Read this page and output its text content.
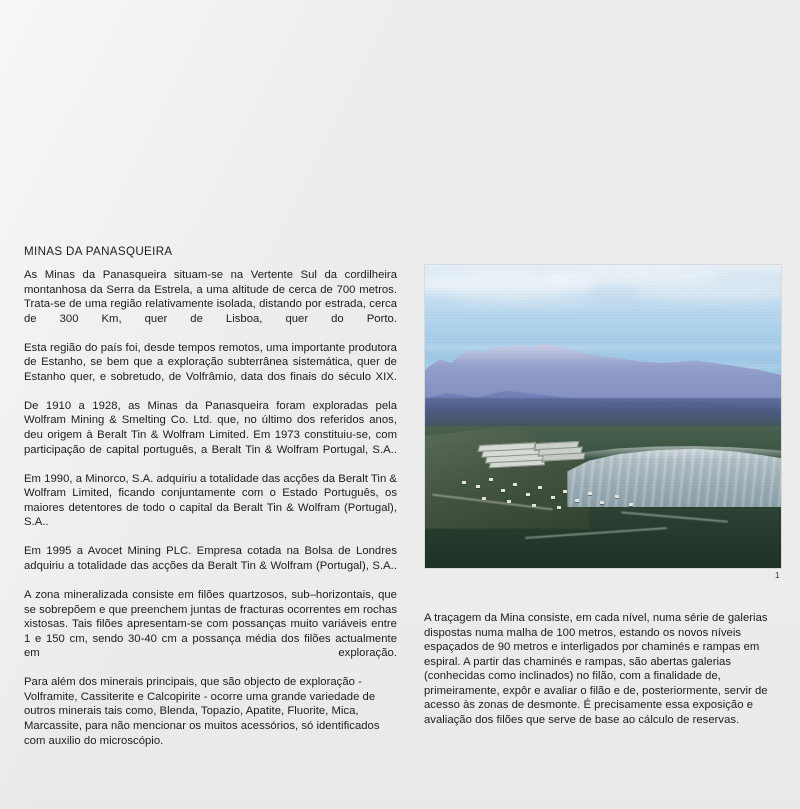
MINAS DA PANASQUEIRA

As Minas da Panasqueira situam-se na Vertente Sul da cordilheira montanhosa da Serra da Estrela, a uma altitude de cerca de 700 metros. Trata-se de uma região relativamente isolada, distando por estrada, cerca de 300 Km, quer de Lisboa, quer do Porto.

Esta região do país foi, desde tempos remotos, uma importante produtora de Estanho, se bem que a exploração subterrânea sistemática, quer de Estanho quer, e sobretudo, de Volfrâmio, data dos finais do século XIX.

De 1910 a 1928, as Minas da Panasqueira foram exploradas pela Wolfram Mining & Smelting Co. Ltd. que, no último dos referidos anos, deu origem à Beralt Tin & Wolfram Limited. Em 1973 constituiu-se, com participação de capital português, a Beralt Tin & Wolfram Portugal, S.A..

Em 1990, a Minorco, S.A. adquiriu a totalidade das acções da Beralt Tin & Wolfram Limited, ficando conjuntamente com o Estado Português, os maiores detentores de todo o capital da Beralt Tin & Wolfram (Portugal), S.A..

Em 1995 a Avocet Mining PLC. Empresa cotada na Bolsa de Londres adquiriu a totalidade das acções da Beralt Tin & Wolfram (Portugal), S.A..

A zona mineralizada consiste em filões quartzosos, sub–horizontais, que se sobrepõem e que preenchem juntas de fracturas ocorrentes em rochas xistosas. Tais filões apresentam-se com possanças muito variáveis entre 1 e 150 cm, sendo 30-40 cm a possança média dos filões actualmente em exploração.

Para além dos minerais principais, que são objecto de exploração - Volframite, Cassiterite e Calcopirite - ocorre uma grande variedade de outros minerais tais como, Blenda, Topazio, Apatite, Fluorite, Mica, Marcassite, para não mencionar os muitos acessórios, só identificados com auxilio do microscópio.

1

A traçagem da Mina consiste, em cada nível, numa série de galerias dispostas numa malha de 100 metros, estando os novos níveis espaçados de 90 metros e interligados por chaminés e rampas em espiral. A partir das chaminés e rampas, são abertas galerias (conhecidas como inclinados) no filão, com a finalidade de, primeiramente, expôr e avaliar o filão e de, posteriormente, servir de acesso às zonas de desmonte. É precisamente essa exposição e avaliação dos filões que serve de base ao cálculo de reservas.
